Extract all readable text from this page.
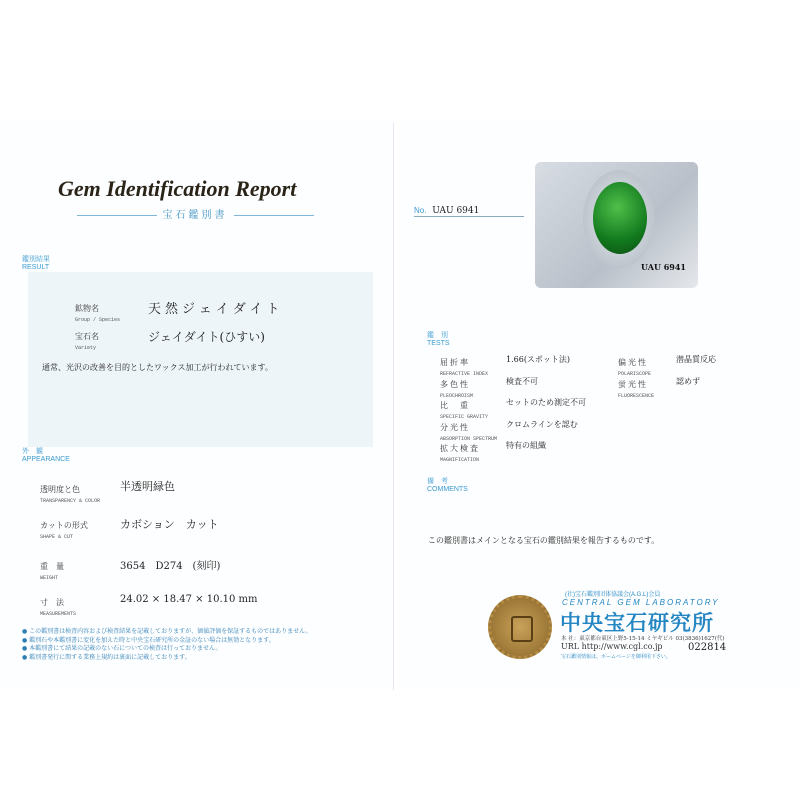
Gem Identification Report
宝石鑑別書
鑑別結果
RESULT
鉱物名
Group / Species
天然ジェイダイト
宝石名
Variety
ジェイダイト(ひすい)
通常、光沢の改善を目的としたワックス加工が行われています。
外　観
APPEARANCE
透明度と色
TRANSPARENCY & COLOR
半透明緑色
カットの形式
SHAPE & CUT
カボション　カット
重　量
WEIGHT
3654　D274　(刻印)
寸　法
MEASUREMENTS
24.02 × 18.47 × 10.10 mm
● この鑑別書は検査内容および検査結果を記載しておりますが、価値評価を保証するものではありません。
● 鑑別石や本鑑別書に変化を加えた時と中央宝石研究所の金証のない場合は無効となります。
● 本鑑別書にて結果の記載のない石についての検査は行っておりません。
● 鑑別書発行に関する業務上規約は裏面に記載しております。
No. UAU 6941
UAU 6941
鑑　別
TESTS
屈折率
REFRACTIVE INDEX
1.66(スポット法)
多色性
PLEOCHROISM
検査不可
比　重
SPECIFIC GRAVITY
セットのため測定不可
分光性
ABSORPTION SPECTRUM
クロムラインを認む
拡大検査
MAGNIFICATION
特有の組織
偏光性
POLARISCOPE
潜晶質反応
蛍光性
FLUORESCENCE
認めず
備　考
COMMENTS
この鑑別書はメインとなる宝石の鑑別結果を報告するものです。
(社)宝石鑑別団体協議会(A.G.L)会員
CENTRAL GEM LABORATORY
中央宝石研究所
本 社：東京都台東区上野5-15-14 ミヤギビル 03(3836)1627(代)
URL http://www.cgl.co.jp
宝石鑑別情報は、ホームページを御利用下さい。
022814
